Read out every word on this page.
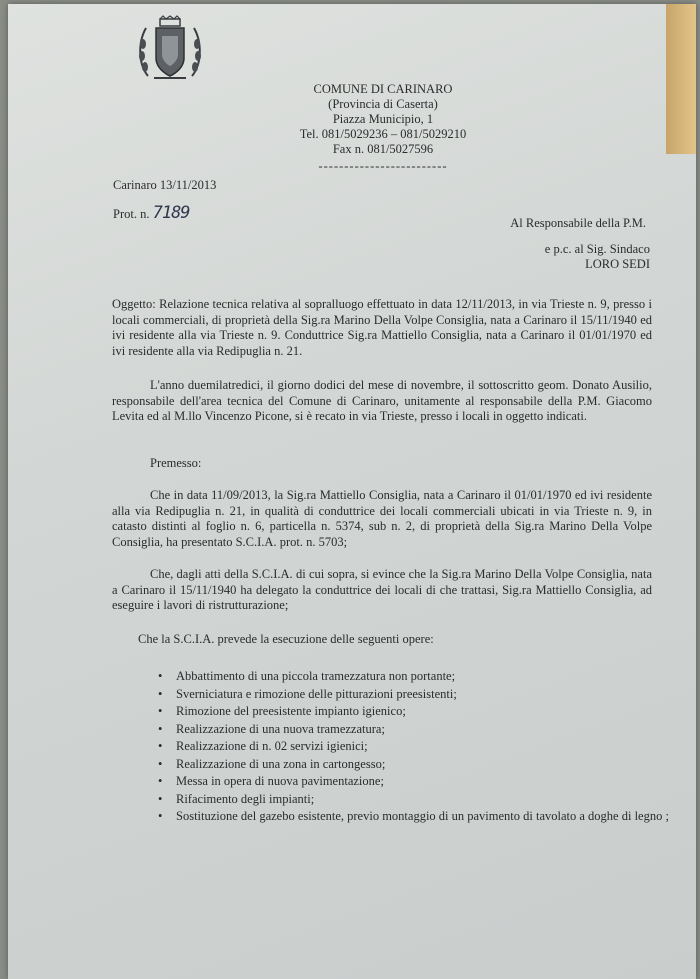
COMUNE DI CARINARO
(Provincia di Caserta)
Piazza Municipio, 1
Tel. 081/5029236 – 081/5029210
Fax n. 081/5027596
-------------------------
Carinaro 13/11/2013
Prot. n. 7189	Al Responsabile della P.M.
e p.c. al Sig. Sindaco
LORO SEDI
Oggetto: Relazione tecnica relativa al sopralluogo effettuato in data 12/11/2013, in via Trieste n. 9, presso i locali commerciali, di proprietà della Sig.ra Marino Della Volpe Consiglia, nata a Carinaro il 15/11/1940 ed ivi residente alla via Trieste n. 9. Conduttrice Sig.ra Mattiello Consiglia, nata a Carinaro il 01/01/1970 ed ivi residente alla via Redipuglia n. 21.
L'anno duemilatredici, il giorno dodici del mese di novembre, il sottoscritto geom. Donato Ausilio, responsabile dell'area tecnica del Comune di Carinaro, unitamente al responsabile della P.M. Giacomo Levita ed al M.llo Vincenzo Picone, si è recato in via Trieste, presso i locali in oggetto indicati.
Premesso:
Che in data 11/09/2013, la Sig.ra Mattiello Consiglia, nata a Carinaro il 01/01/1970 ed ivi residente alla via Redipuglia n. 21, in qualità di conduttrice dei locali commerciali ubicati in via Trieste n. 9, in catasto distinti al foglio n. 6, particella n. 5374, sub n. 2, di proprietà della Sig.ra Marino Della Volpe Consiglia, ha presentato S.C.I.A. prot. n. 5703;
Che, dagli atti della S.C.I.A. di cui sopra, si evince che la Sig.ra Marino Della Volpe Consiglia, nata a Carinaro il 15/11/1940 ha delegato la conduttrice dei locali di che trattasi, Sig.ra Mattiello Consiglia, ad eseguire i lavori di ristrutturazione;
Che la S.C.I.A. prevede la esecuzione delle seguenti opere:
• Abbattimento di una piccola tramezzatura non portante;
• Sverniciatura e rimozione delle pitturazioni preesistenti;
• Rimozione del preesistente impianto igienico;
• Realizzazione di una nuova tramezzatura;
• Realizzazione di n. 02 servizi igienici;
• Realizzazione di una zona in cartongesso;
• Messa in opera di nuova pavimentazione;
• Rifacimento degli impianti;
• Sostituzione del gazebo esistente, previo montaggio di un pavimento di tavolato a doghe di legno ;
